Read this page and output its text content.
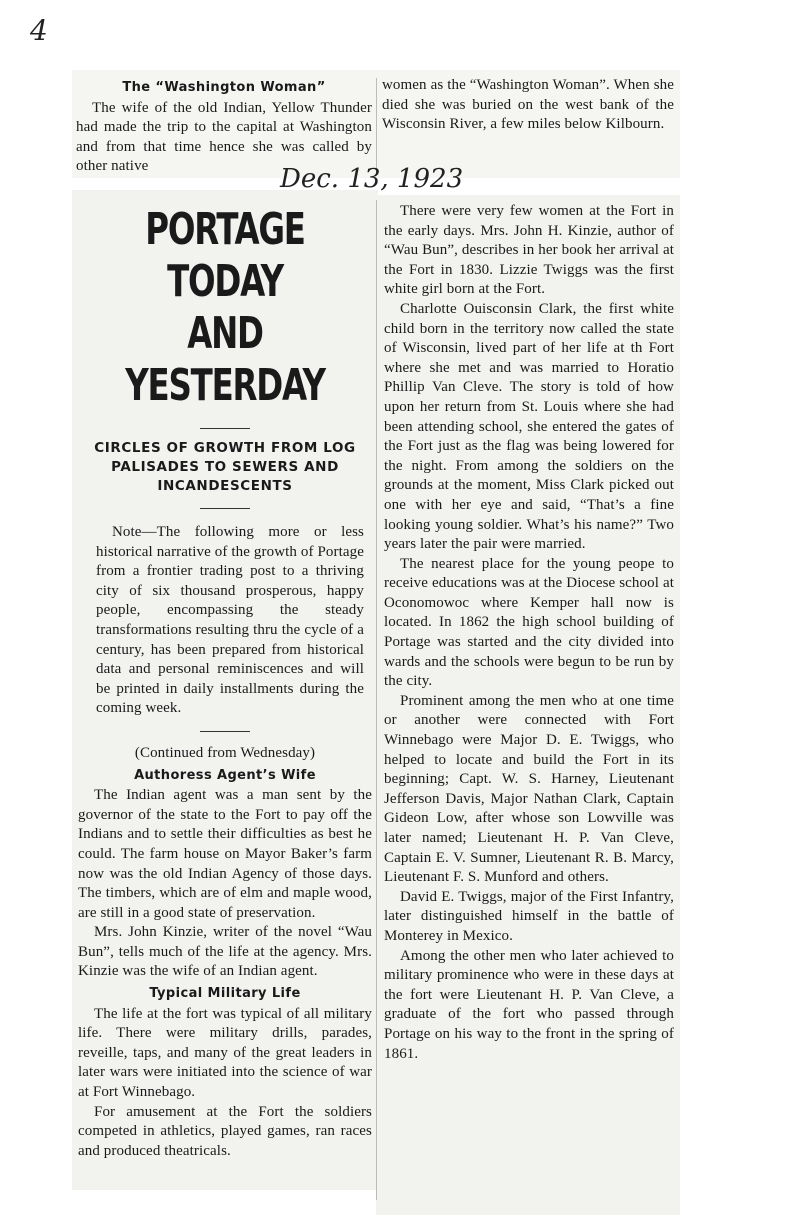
4
The “Washington Woman”

The wife of the old Indian, Yellow Thunder had made the trip to the capital at Washington and from that time hence she was called by other native

women as the “Washington Woman”. When she died she was buried on the west bank of the Wisconsin River, a few miles below Kilbourn.

Dec. 13, 1923
PORTAGE TODAY
AND YESTERDAY
CIRCLES OF GROWTH FROM LOG PALISADES TO SEWERS AND INCANDESCENTS

Note—The following more or less historical narrative of the growth of Portage from a frontier trading post to a thriving city of six thousand prosperous, happy people, encompassing the steady transformations resulting thru the cycle of a century, has been prepared from historical data and personal reminiscences and will be printed in daily installments during the coming week.

(Continued from Wednesday)

Authoress Agent’s Wife

The Indian agent was a man sent by the governor of the state to the Fort to pay off the Indians and to settle their difficulties as best he could. The farm house on Mayor Baker’s farm now was the old Indian Agency of those days. The timbers, which are of elm and maple wood, are still in a good state of preservation.

Mrs. John Kinzie, writer of the novel “Wau Bun”, tells much of the life at the agency. Mrs. Kinzie was the wife of an Indian agent.

Typical Military Life

The life at the fort was typical of all military life. There were military drills, parades, reveille, taps, and many of the great leaders in later wars were initiated into the science of war at Fort Winnebago.

For amusement at the Fort the soldiers competed in athletics, played games, ran races and produced theatricals.

There were very few women at the Fort in the early days. Mrs. John H. Kinzie, author of “Wau Bun”, describes in her book her arrival at the Fort in 1830. Lizzie Twiggs was the first white girl born at the Fort.

Charlotte Ouisconsin Clark, the first white child born in the territory now called the state of Wisconsin, lived part of her life at th Fort where she met and was married to Horatio Phillip Van Cleve. The story is told of how upon her return from St. Louis where she had been attending school, she entered the gates of the Fort just as the flag was being lowered for the night. From among the soldiers on the grounds at the moment, Miss Clark picked out one with her eye and said, “That’s a fine looking young soldier. What’s his name?” Two years later the pair were married.

The nearest place for the young peope to receive educations was at the Diocese school at Oconomowoc where Kemper hall now is located. In 1862 the high school building of Portage was started and the city divided into wards and the schools were begun to be run by the city.

Prominent among the men who at one time or another were connected with Fort Winnebago were Major D. E. Twiggs, who helped to locate and build the Fort in its beginning; Capt. W. S. Harney, Lieutenant Jefferson Davis, Major Nathan Clark, Captain Gideon Low, after whose son Lowville was later named; Lieutenant H. P. Van Cleve, Captain E. V. Sumner, Lieutenant R. B. Marcy, Lieutenant F. S. Munford and others.

David E. Twiggs, major of the First Infantry, later distinguished himself in the battle of Monterey in Mexico.

Among the other men who later achieved to military prominence who were in these days at the fort were Lieutenant H. P. Van Cleve, a graduate of the fort who passed through Portage on his way to the front in the spring of 1861.
